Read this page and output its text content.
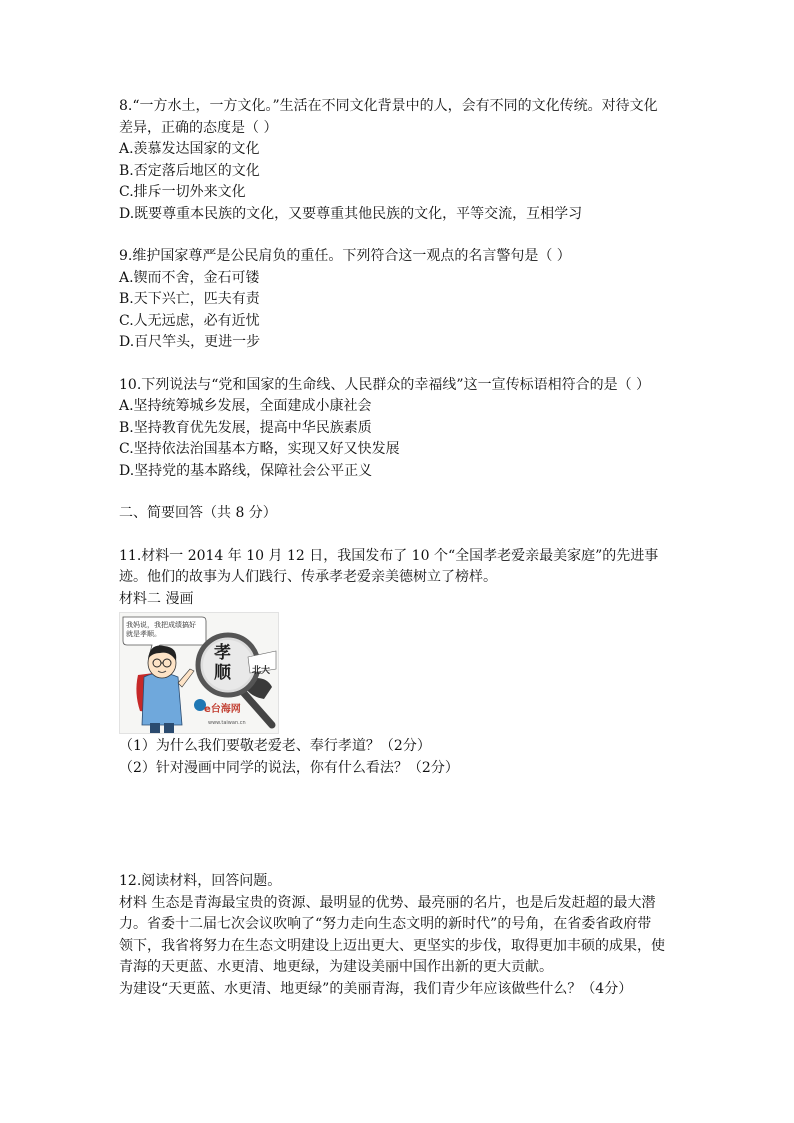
8.“一方水土，一方文化。”生活在不同文化背景中的人，会有不同的文化传统。对待文化
差异，正确的态度是（ ）
A.羡慕发达国家的文化
B.否定落后地区的文化
C.排斥一切外来文化
D.既要尊重本民族的文化，又要尊重其他民族的文化，平等交流，互相学习
9.维护国家尊严是公民肩负的重任。下列符合这一观点的名言警句是（ ）
A.锲而不舍，金石可镂
B.天下兴亡，匹夫有责
C.人无远虑，必有近忧
D.百尺竿头，更进一步
10.下列说法与“党和国家的生命线、人民群众的幸福线”这一宣传标语相符合的是（ ）
A.坚持统筹城乡发展，全面建成小康社会
B.坚持教育优先发展，提高中华民族素质
C.坚持依法治国基本方略，实现又好又快发展
D.坚持党的基本路线，保障社会公平正义
二、简要回答（共 8 分）
11.材料一 2014 年 10 月 12 日，我国发布了 10 个“全国孝老爱亲最美家庭”的先进事
迹。他们的故事为人们践行、传承孝老爱亲美德树立了榜样。
材料二 漫画
我妈说，我把成绩搞好就是孝顺。
孝顺	北大
e台海网
www.taiwan.cn
（1）为什么我们要敬老爱老、奉行孝道？（2分）
（2）针对漫画中同学的说法，你有什么看法？（2分）
12.阅读材料，回答问题。
材料 生态是青海最宝贵的资源、最明显的优势、最亮丽的名片，也是后发赶超的最大潜
力。省委十二届七次会议吹响了“努力走向生态文明的新时代”的号角，在省委省政府带
领下，我省将努力在生态文明建设上迈出更大、更坚实的步伐，取得更加丰硕的成果，使
青海的天更蓝、水更清、地更绿，为建设美丽中国作出新的更大贡献。
为建设“天更蓝、水更清、地更绿”的美丽青海，我们青少年应该做些什么？（4分）
